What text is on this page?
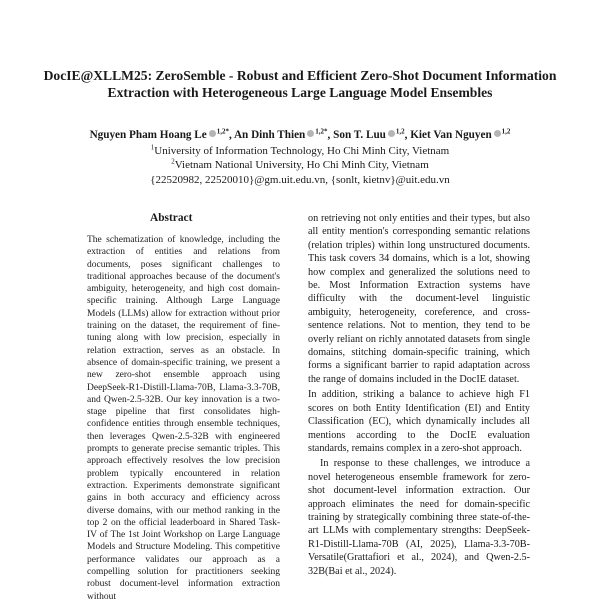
DocIE@XLLM25: ZeroSemble - Robust and Efficient Zero-Shot Document Information Extraction with Heterogeneous Large Language Model Ensembles
Nguyen Pham Hoang Le $^{1,2*}$, An Dinh Thien $^{1,2*}$, Son T. Luu $^{1,2}$, Kiet Van Nguyen $^{1,2}$
$^1$University of Information Technology, Ho Chi Minh City, Vietnam
$^2$Vietnam National University, Ho Chi Minh City, Vietnam
{22520982, 22520010}@gm.uit.edu.vn, {sonlt, kietnv}@uit.edu.vn
Abstract
The schematization of knowledge, including the extraction of entities and relations from documents, poses significant challenges to traditional approaches because of the document's ambiguity, heterogeneity, and high cost domain-specific training. Although Large Language Models (LLMs) allow for extraction without prior training on the dataset, the requirement of fine-tuning along with low precision, especially in relation extraction, serves as an obstacle. In absence of domain-specific training, we present a new zero-shot ensemble approach using DeepSeek-R1-Distill-Llama-70B, Llama-3.3-70B, and Qwen-2.5-32B. Our key innovation is a two-stage pipeline that first consolidates high-confidence entities through ensemble techniques, then leverages Qwen-2.5-32B with engineered prompts to generate precise semantic triples. This approach effectively resolves the low precision problem typically encountered in relation extraction. Experiments demonstrate significant gains in both accuracy and efficiency across diverse domains, with our method ranking in the top 2 on the official leaderboard in Shared Task-IV of The 1st Joint Workshop on Large Language Models and Structure Modeling. This competitive performance validates our approach as a compelling solution for practitioners seeking robust document-level information extraction without

on retrieving not only entities and their types, but also all entity mention's corresponding semantic relations (relation triples) within long unstructured documents. This task covers 34 domains, which is a lot, showing how complex and generalized the solutions need to be. Most Information Extraction systems have difficulty with the document-level linguistic ambiguity, heterogeneity, coreference, and cross-sentence relations. Not to mention, they tend to be overly reliant on richly annotated datasets from single domains, stitching domain-specific training, which forms a significant barrier to rapid adaptation across the range of domains included in the DocIE dataset.

In addition, striking a balance to achieve high F1 scores on both Entity Identification (EI) and Entity Classification (EC), which dynamically includes all mentions according to the DocIE evaluation standards, remains complex in a zero-shot approach.

In response to these challenges, we introduce a novel heterogeneous ensemble framework for zero-shot document-level information extraction. Our approach eliminates the need for domain-specific training by strategically combining three state-of-the-art LLMs with complementary strengths: DeepSeek-R1-Distill-Llama-70B (AI, 2025), Llama-3.3-70B-Versatile(Grattafiori et al., 2024), and Qwen-2.5-32B(Bai et al., 2024).
